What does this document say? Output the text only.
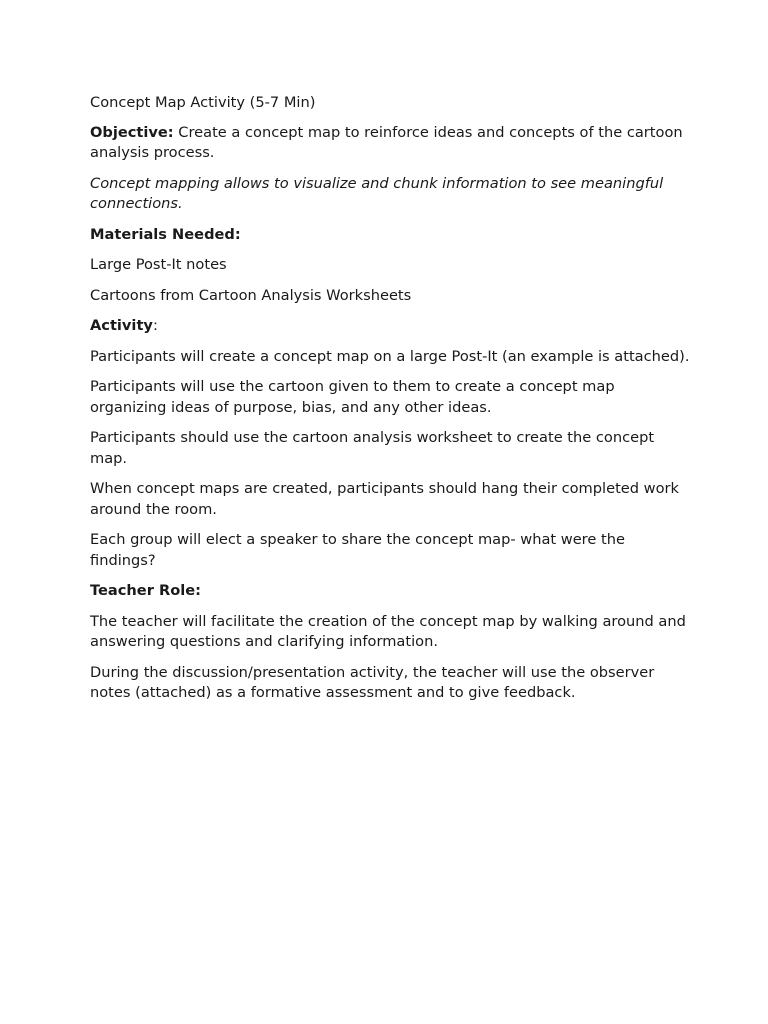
Concept Map Activity (5-7 Min)
Objective: Create a concept map to reinforce ideas and concepts of the cartoon analysis process.
Concept mapping allows to visualize and chunk information to see meaningful connections.
Materials Needed:
Large Post-It notes
Cartoons from Cartoon Analysis Worksheets
Activity:
Participants will create a concept map on a large Post-It (an example is attached).
Participants will use the cartoon given to them to create a concept map organizing ideas of purpose, bias, and any other ideas.
Participants should use the cartoon analysis worksheet to create the concept map.
When concept maps are created, participants should hang their completed work around the room.
Each group will elect a speaker to share the concept map- what were the findings?
Teacher Role:
The teacher will facilitate the creation of the concept map by walking around and answering questions and clarifying information.
During the discussion/presentation activity, the teacher will use the observer notes (attached) as a formative assessment and to give feedback.
